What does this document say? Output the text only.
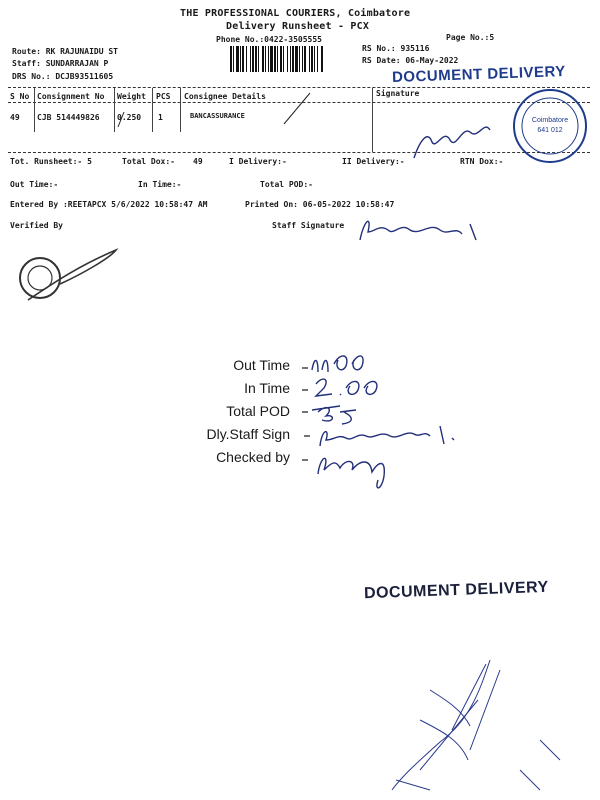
THE PROFESSIONAL COURIERS, Coimbatore
Delivery Runsheet - PCX
Phone No.:0422-3505555	Page No.:5
Route: RK RAJUNAIDU ST
Staff: SUNDARRAJAN P
DRS No.: DCJB93511605
RS No.: 935116
RS Date: 06-May-2022
DOCUMENT DELIVERY
S No Consignment No Weight PCS Consignee Details	Signature
49 CJB 514449826 0.250 1	BANCASSURANCE
Tot. Runsheet:- 5	Total Dox:- 49	I Delivery:-	II Delivery:-	RTN Dox:-
Out Time:-	In Time:-	Total POD:-
Entered By :REETAPCX 5/6/2022 10:58:47 AM	Printed On: 06-05-2022 10:58:47
Verified By	Staff Signature
Coimbatore
641 012
Out Time
In Time
Total POD
Dly.Staff Sign
Checked by
DOCUMENT DELIVERY
